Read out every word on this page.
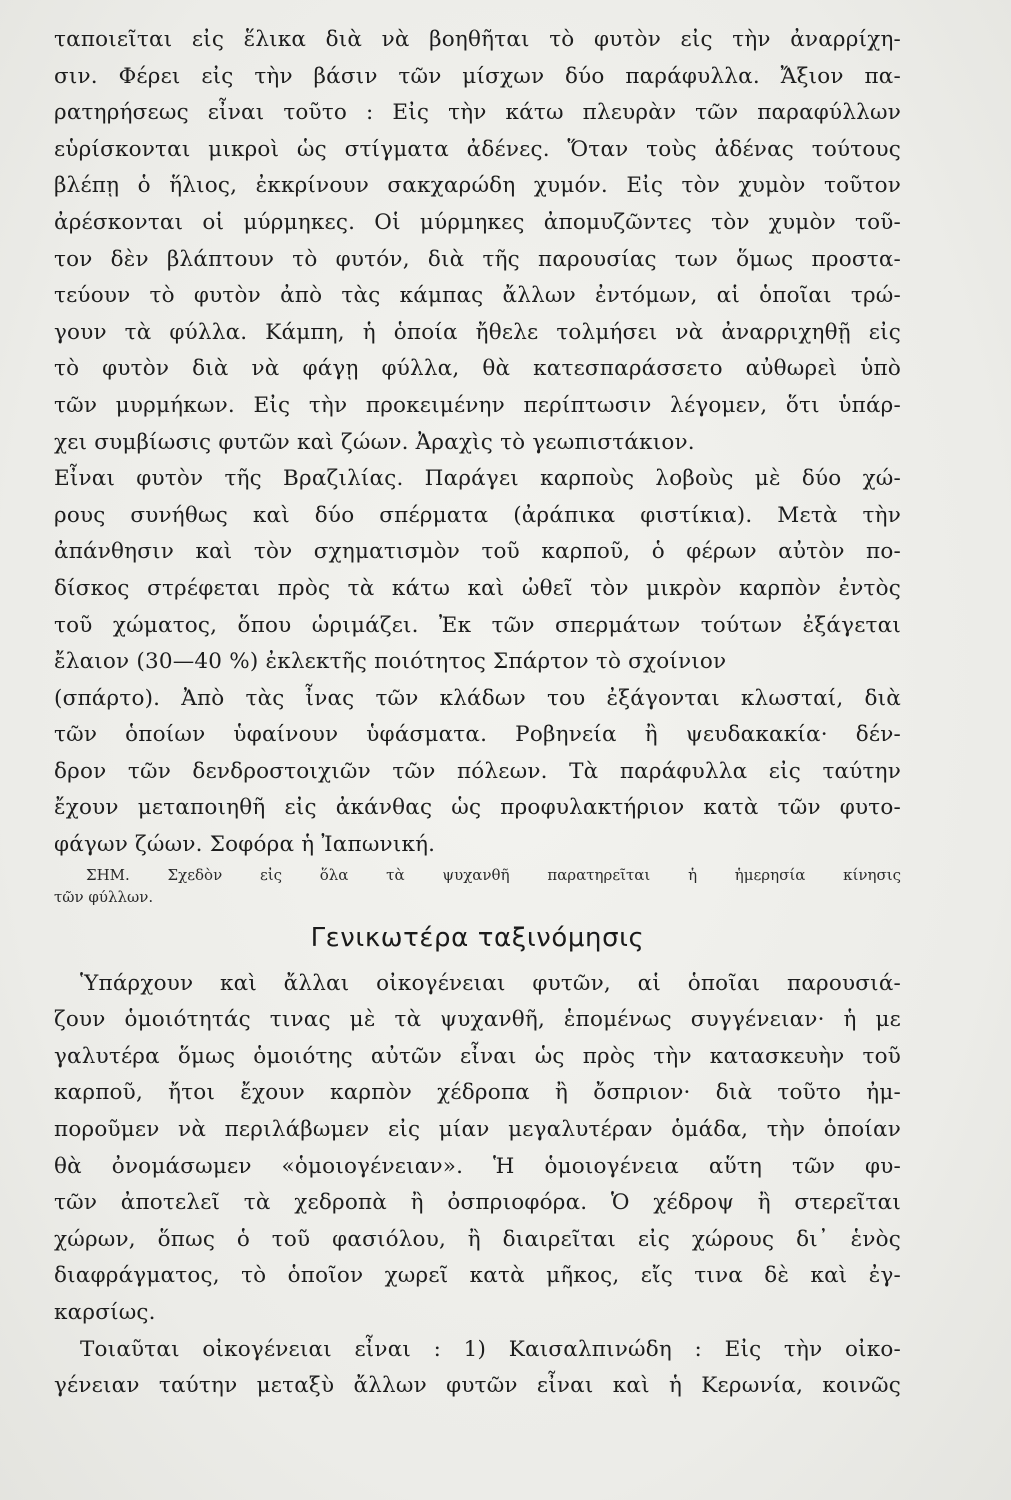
ταποιεῖται εἰς ἕλικα διὰ νὰ βοηθῆται τὸ φυτὸν εἰς τὴν ἀναρρίχη-
σιν. Φέρει εἰς τὴν βάσιν τῶν μίσχων δύο παράφυλλα. Ἄξιον πα-
ρατηρήσεως εἶναι τοῦτο : Εἰς τὴν κάτω πλευρὰν τῶν παραφύλλων
εὑρίσκονται μικροὶ ὡς στίγματα ἀδένες. Ὅταν τοὺς ἀδένας τούτους
βλέπῃ ὁ ἥλιος, ἐκκρίνουν σακχαρώδη χυμόν. Εἰς τὸν χυμὸν τοῦτον
ἀρέσκονται οἱ μύρμηκες. Οἱ μύρμηκες ἀπομυζῶντες τὸν χυμὸν τοῦ-
τον δὲν βλάπτουν τὸ φυτόν, διὰ τῆς παρουσίας των ὅμως προστα-
τεύουν τὸ φυτὸν ἀπὸ τὰς κάμπας ἄλλων ἐντόμων, αἱ ὁποῖαι τρώ-
γουν τὰ φύλλα. Κάμπη, ἡ ὁποία ἤθελε τολμήσει νὰ ἀναρριχηθῇ εἰς
τὸ φυτὸν διὰ νὰ φάγῃ φύλλα, θὰ κατεσπαράσσετο αὐθωρεὶ ὑπὸ
τῶν μυρμήκων. Εἰς τὴν προκειμένην περίπτωσιν λέγομεν, ὅτι ὑπάρ-
χει συμβίωσις φυτῶν καὶ ζώων. Ἀραχὶς τὸ γεωπιστάκιον.
Εἶναι φυτὸν τῆς Βραζιλίας. Παράγει καρποὺς λοβοὺς μὲ δύο χώ-
ρους συνήθως καὶ δύο σπέρματα (ἀράπικα φιστίκια). Μετὰ τὴν
ἀπάνθησιν καὶ τὸν σχηματισμὸν τοῦ καρποῦ, ὁ φέρων αὐτὸν πο-
δίσκος στρέφεται πρὸς τὰ κάτω καὶ ὠθεῖ τὸν μικρὸν καρπὸν ἐντὸς
τοῦ χώματος, ὅπου ὡριμάζει. Ἐκ τῶν σπερμάτων τούτων ἐξάγεται
ἔλαιον (30—40 %) ἐκλεκτῆς ποιότητος Σπάρτον τὸ σχοίνιον
(σπάρτο). Ἀπὸ τὰς ἶνας τῶν κλάδων του ἐξάγονται κλωσταί, διὰ
τῶν ὁποίων ὑφαίνουν ὑφάσματα. Ροβηνεία ἢ ψευδακακία· δέν-
δρον τῶν δενδροστοιχιῶν τῶν πόλεων. Τὰ παράφυλλα εἰς ταύτην
ἔχουν μεταποιηθῆ εἰς ἀκάνθας ὡς προφυλακτήριον κατὰ τῶν φυτο-
φάγων ζώων. Σοφόρα ἡ Ἰαπωνική.
ΣΗΜ. Σχεδὸν εἰς ὅλα τὰ ψυχανθῆ παρατηρεῖται ἡ ἡμερησία κίνησις
τῶν φύλλων.
Γενικωτέρα ταξινόμησις
Ὑπάρχουν καὶ ἄλλαι οἰκογένειαι φυτῶν, αἱ ὁποῖαι παρουσιά-
ζουν ὁμοιότητάς τινας μὲ τὰ ψυχανθῆ, ἑπομένως συγγένειαν· ἡ με
γαλυτέρα ὅμως ὁμοιότης αὐτῶν εἶναι ὡς πρὸς τὴν κατασκευὴν τοῦ
καρποῦ, ἤτοι ἔχουν καρπὸν χέδροπα ἢ ὄσπριον· διὰ τοῦτο ἠμ-
ποροῦμεν νὰ περιλάβωμεν εἰς μίαν μεγαλυτέραν ὁμάδα, τὴν ὁποίαν
θὰ ὀνομάσωμεν «ὁμοιογένειαν». Ἡ ὁμοιογένεια αὕτη τῶν φυ-
τῶν ἀποτελεῖ τὰ χεδροπὰ ἢ ὀσπριοφόρα. Ὁ χέδροψ ἢ στερεῖται
χώρων, ὅπως ὁ τοῦ φασιόλου, ἢ διαιρεῖται εἰς χώρους δι᾿ ἑνὸς
διαφράγματος, τὸ ὁποῖον χωρεῖ κατὰ μῆκος, εἴς τινα δὲ καὶ ἐγ-
καρσίως.
Τοιαῦται οἰκογένειαι εἶναι : 1) Καισαλπινώδη : Εἰς τὴν οἰκο-
γένειαν ταύτην μεταξὺ ἄλλων φυτῶν εἶναι καὶ ἡ Κερωνία, κοινῶς
